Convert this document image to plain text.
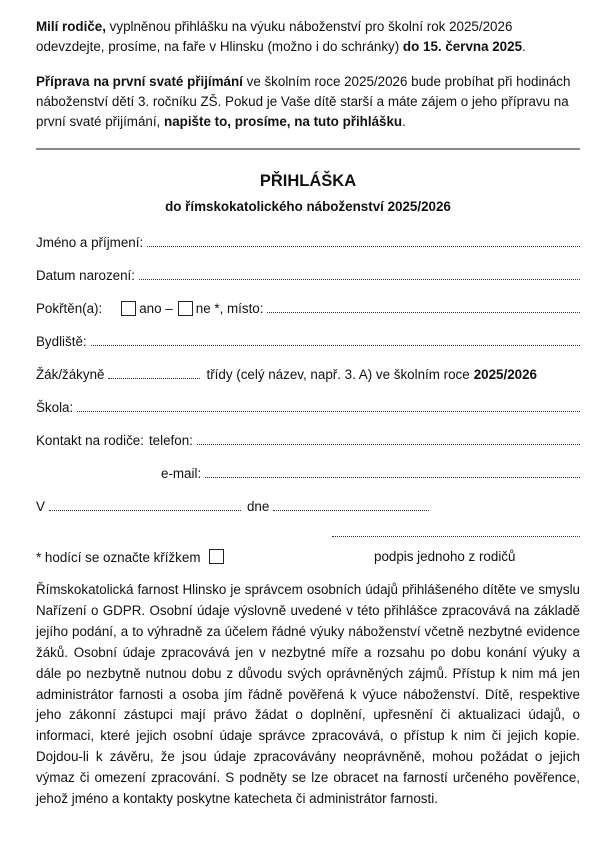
Milí rodiče, vyplněnou přihlášku na výuku náboženství pro školní rok 2025/2026 odevzdejte, prosíme, na faře v Hlinsku (možno i do schránky) do 15. června 2025.
Příprava na první svaté přijímání ve školním roce 2025/2026 bude probíhat při hodinách náboženství dětí 3. ročníku ZŠ. Pokud je Vaše dítě starší a máte zájem o jeho přípravu na první svaté přijímání, napište to, prosíme, na tuto přihlášku.
PŘIHLÁŠKA
do římskokatolického náboženství 2025/2026
Jméno a příjmení:
Datum narození:
Pokřtěn(a):	ano – ne *, místo:
Bydliště:
Žák/žákyně	třídy (celý název, např. 3. A) ve školním roce 2025/2026
Škola:
Kontakt na rodiče: telefon:
e-mail:
V	dne
* hodící se označte křížkem	podpis jednoho z rodičů
Římskokatolická farnost Hlinsko je správcem osobních údajů přihlášeného dítěte ve smyslu Nařízení o GDPR. Osobní údaje výslovně uvedené v této přihlášce zpracovává na základě jejího podání, a to výhradně za účelem řádné výuky náboženství včetně nezbytné evidence žáků. Osobní údaje zpracovává jen v nezbytné míře a rozsahu po dobu konání výuky a dále po nezbytně nutnou dobu z důvodu svých oprávněných zájmů. Přístup k nim má jen administrátor farnosti a osoba jím řádně pověřená k výuce náboženství. Dítě, respektive jeho zákonní zástupci mají právo žádat o doplnění, upřesnění či aktualizaci údajů, o informaci, které jejich osobní údaje správce zpracovává, o přístup k nim či jejich kopie. Dojdou-li k závěru, že jsou údaje zpracovávány neoprávněně, mohou požádat o jejich výmaz či omezení zpracování. S podněty se lze obracet na farností určeného pověřence, jehož jméno a kontakty poskytne katecheta či administrátor farnosti.
